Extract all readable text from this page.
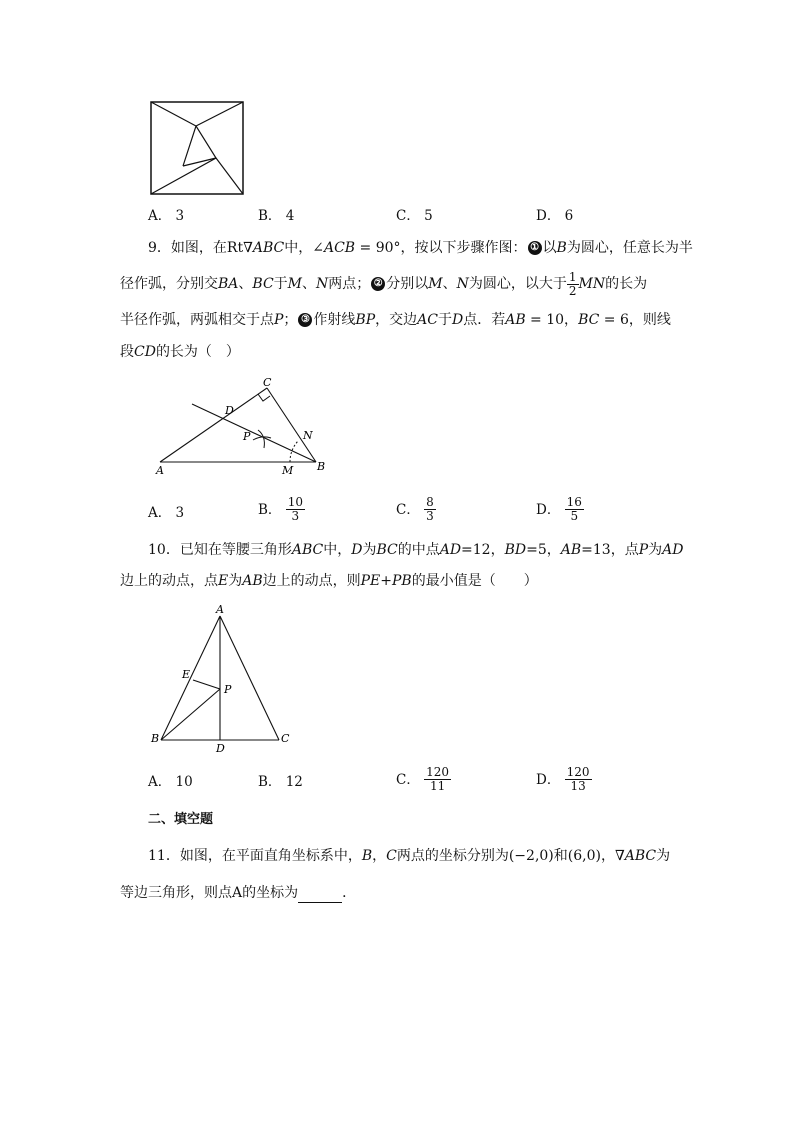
A． 3	B． 4	C． 5	D． 6
9．如图，在Rt∇ABC中，∠ACB = 90°，按以下步骤作图： ① 以B为圆心，任意长为半
径作弧，分别交 BA 、 BC 于 M 、 N 两点； ② 分别以 M 、 N 为圆心，以大于 $\frac{1}{2}$ MN 的长为
半径作弧，两弧相交于点P； ③ 作射线BP，交边AC于D点．若AB = 10，BC = 6，则线
段CD的长为（　）
C
D
P	N
A	M B
A． 3	B．
$\frac{10}{3}$	C．
$\frac{8}{3}$	D．
$\frac{16}{5}$
10．已知在等腰三角形ABC中，D为BC的中点AD=12，BD=5，AB=13，点P为AD
边上的动点，点E为AB边上的动点，则PE+PB的最小值是（　　）
A
E
P
B
D
C
A． 10	B． 12	C．
$\frac{120}{11}$	D．
$\frac{120}{13}$
二、填空题
11．如图，在平面直角坐标系中，B，C两点的坐标分别为(−2,0)和(6,0)，∇ABC为
等边三角形，则点A的坐标为	．
